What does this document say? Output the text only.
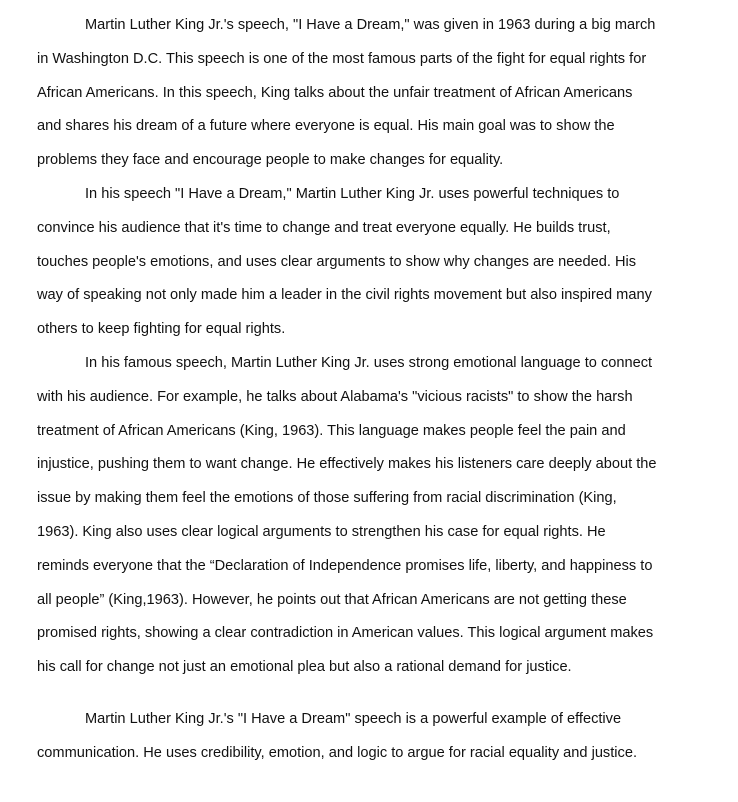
Martin Luther King Jr.'s speech, "I Have a Dream," was given in 1963 during a big march
in Washington D.C. This speech is one of the most famous parts of the fight for equal rights for
African Americans. In this speech, King talks about the unfair treatment of African Americans
and shares his dream of a future where everyone is equal. His main goal was to show the
problems they face and encourage people to make changes for equality.
In his speech "I Have a Dream," Martin Luther King Jr. uses powerful techniques to
convince his audience that it's time to change and treat everyone equally. He builds trust,
touches people's emotions, and uses clear arguments to show why changes are needed. His
way of speaking not only made him a leader in the civil rights movement but also inspired many
others to keep fighting for equal rights.
In his famous speech, Martin Luther King Jr. uses strong emotional language to connect
with his audience. For example, he talks about Alabama's "vicious racists" to show the harsh
treatment of African Americans (King, 1963). This language makes people feel the pain and
injustice, pushing them to want change. He effectively makes his listeners care deeply about the
issue by making them feel the emotions of those suffering from racial discrimination (King,
1963). King also uses clear logical arguments to strengthen his case for equal rights. He
reminds everyone that the “Declaration of Independence promises life, liberty, and happiness to
all people” (King,1963). However, he points out that African Americans are not getting these
promised rights, showing a clear contradiction in American values. This logical argument makes
his call for change not just an emotional plea but also a rational demand for justice.
Martin Luther King Jr.'s "I Have a Dream" speech is a powerful example of effective
communication. He uses credibility, emotion, and logic to argue for racial equality and justice.
